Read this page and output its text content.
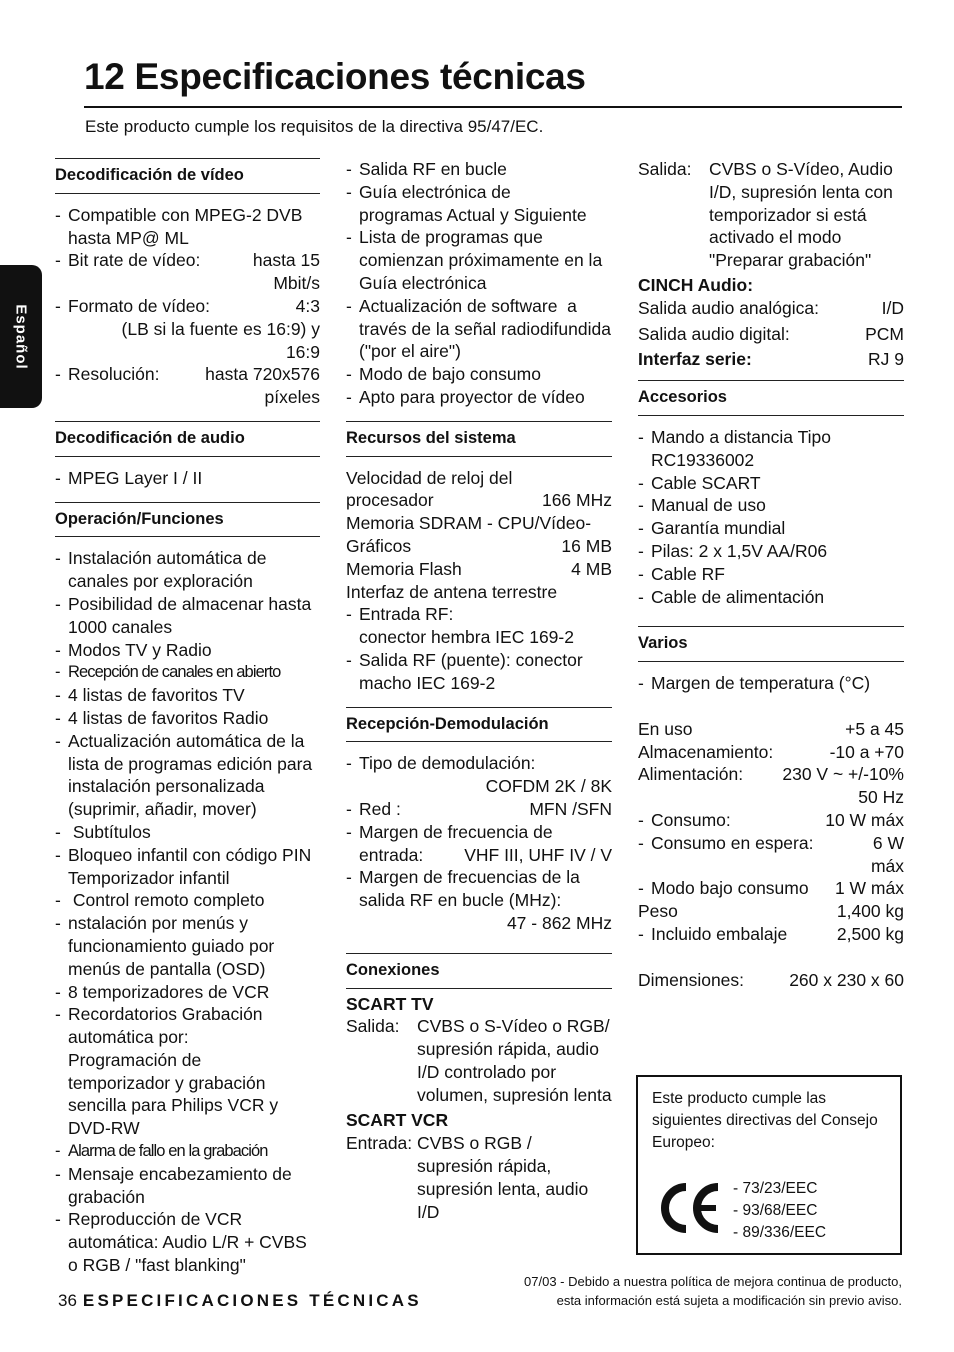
12 Especificaciones técnicas
Este producto cumple los requisitos de la directiva 95/47/EC.
Español
Decodificación de vídeo
- Compatible con MPEG-2 DVB hasta MP@ ML
- Bit rate de vídeo:	hasta 15 Mbit/s
- Formato de vídeo:	4:3
(LB si la fuente es 16:9) y 16:9
- Resolución:	hasta 720x576 píxeles
Decodificación de audio
- MPEG Layer I / II
Operación/Funciones
- Instalación automática de canales por exploración
- Posibilidad de almacenar hasta 1000 canales
- Modos TV y Radio
- Recepción de canales en abierto
- 4 listas de favoritos TV
- 4 listas de favoritos Radio
- Actualización automática de la lista de programas edición para instalación personalizada (suprimir, añadir, mover)
-  Subtítulos
- Bloqueo infantil con código PIN Temporizador infantil
-  Control remoto completo
- nstalación por menús y funcionamiento guiado por menús de pantalla (OSD)
- 8 temporizadores de VCR
- Recordatorios Grabación automática por: Programación de temporizador y grabación sencilla para Philips VCR y DVD-RW
- Alarma de fallo en la grabación
- Mensaje encabezamiento de grabación
- Reproducción de VCR automática: Audio L/R + CVBS o RGB / "fast blanking"
- Salida RF en bucle
- Guía electrónica de programas Actual y Siguiente
- Lista de programas que comienzan próximamente en la Guía electrónica
- Actualización de software  a través de la señal radiodifundida ("por el aire")
- Modo de bajo consumo
- Apto para proyector de vídeo
Recursos del sistema
Velocidad de reloj del
procesador	166 MHz
Memoria SDRAM - CPU/Vídeo-
Gráficos	16 MB
Memoria Flash	4 MB
Interfaz de antena terrestre
- Entrada RF:
conector hembra IEC 169-2
- Salida RF (puente): conector macho IEC 169-2
Recepción-Demodulación
- Tipo de demodulación:
COFDM 2K / 8K
- Red :	MFN /SFN
- Margen de frecuencia de
entrada: VHF III, UHF IV / V
- Margen de frecuencias de la salida RF en bucle (MHz):
47 - 862 MHz
Conexiones
SCART TV
Salida: CVBS o S-Vídeo o RGB/ supresión rápida, audio I/D controlado por volumen, supresión lenta
SCART VCR
Entrada: CVBS o RGB / supresión rápida, supresión lenta, audio I/D
Salida: CVBS o S-Vídeo, Audio I/D, supresión lenta con temporizador si está activado el modo "Preparar grabación"
CINCH Audio:
Salida audio analógica:	I/D
Salida audio digital:	PCM
Interfaz serie:	RJ 9
Accesorios
- Mando a distancia Tipo RC19336002
- Cable SCART
- Manual de uso
- Garantía mundial
- Pilas: 2 x 1,5V AA/R06
- Cable RF
- Cable de alimentación
Varios
- Margen de temperatura (°C)
En uso	+5 a 45
Almacenamiento:	-10 a +70
Alimentación: 230 V ~ +/-10%
50 Hz
- Consumo:	10 W máx
- Consumo en espera:	6 W
máx
- Modo bajo consumo 1 W máx
Peso	1,400 kg
- Incluido embalaje	2,500 kg
Dimensiones:	260 x 230 x 60
Este producto cumple las siguientes directivas del Consejo Europeo:
- 73/23/EEC
- 93/68/EEC
- 89/336/EEC
07/03 - Debido a nuestra política de mejora continua de producto,
esta información está sujeta a modificación sin previo aviso.
36 ESPECIFICACIONES TÉCNICAS
